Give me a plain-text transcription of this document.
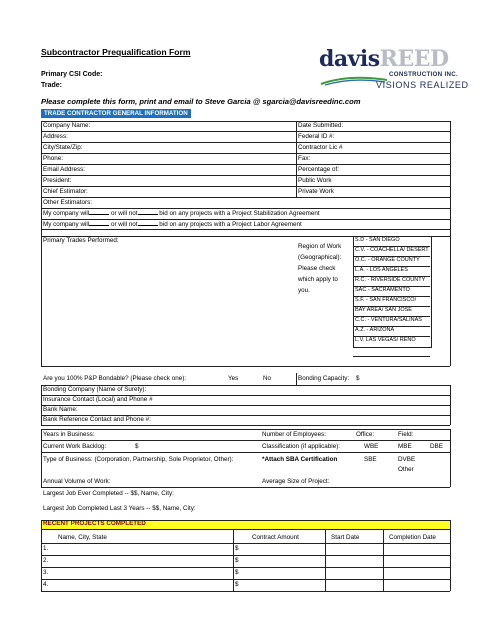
Subcontractor Prequalification Form
Primary CSI Code:
Trade:
Please complete this form, print and email to Steve Garcia @ sgarcia@davisreedinc.com
davisREED
CONSTRUCTION INC.
VISIONS REALIZED
TRADE CONTRACTOR GENERAL INFORMATION
Company Name:	Date Submitted:
Address:	Federal ID #:
City/State/Zip:	Contractor Lic #
Phone:	Fax:
Email Address:	Percentage of:
President:	Public Work
Chief Estimator:	Private Work
Other Estimators:
My company will	or will not	bid on any projects with a Project Stabilization Agreement
My company will	or will not	bid on any projects with a Project Labor Agreement
Primary Trades Performed:
Region of Work
(Geographical):
Please check
which apply to
you.
S.D - SAN DIEGO
C.V. - COACHELLA/ DESERT
O.C. - ORANGE COUNTY
L.A. - LOS ANGELES
R.C. - RIVERSIDE COUNTY
SAC - SACRAMENTO
S.F. - SAN FRANCISCO/
BAY AREA/ SAN JOSE
C.C. - VENTURA/SALINAS
A.Z. - ARIZONA
L.V. LAS VEGAS/ RENO
Are you 100% P&P Bondable? (Please check one):	Yes	No	Bonding Capacity: $
Bonding Company (Name of Surety):
Insurance Contact (Local) and Phone #
Bank Name:
Bank Reference Contact and Phone #:
Years in Business:	Number of Employees:	Office:	Field:
Current Work Backlog:	$	Classification (if applicable):	WBE	MBE	DBE
Type of Business: (Corporation, Partnership, Sole Proprietor, Other):	*Attach SBA Certification	SBE	DVBE
Other
Annual Volume of Work:	Average Size of Project:
Largest Job Ever Completed -- $$, Name, City:
Largest Job Completed Last 3 Years -- $$, Name, City:
RECENT PROJECTS COMPLETED
Name, City, State	Contract Amount	Start Date	Completion Date
1.	$
2.	$
3.	$
4.	$
